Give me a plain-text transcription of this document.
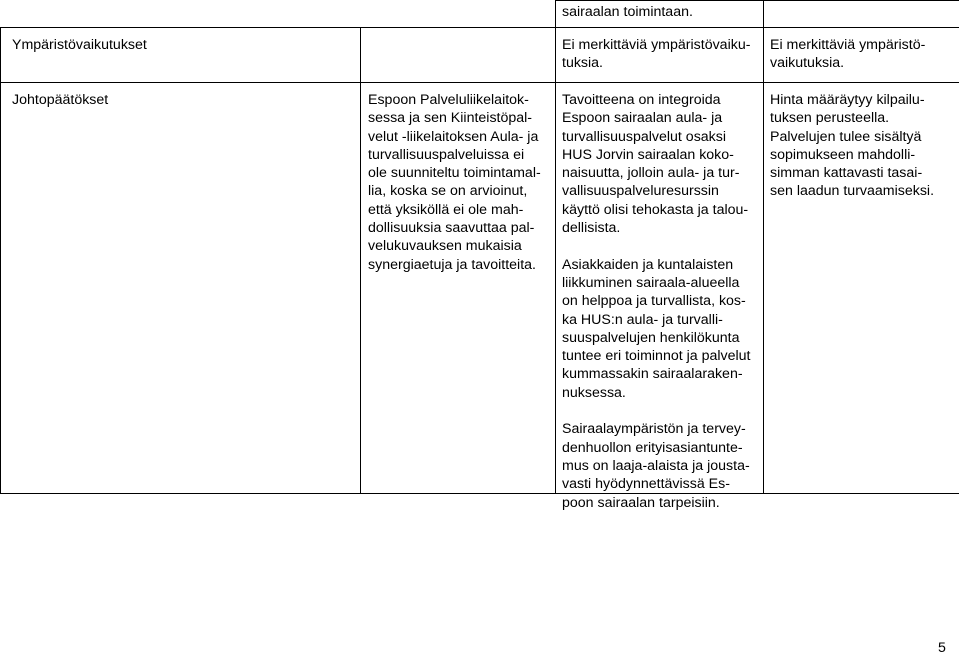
sairaalan toimintaan.
Ympäristövaikutukset	Ei merkittäviä ympäristövaiku-
tuksia.
Ei merkittäviä ympäristö-
vaikutuksia.
Johtopäätökset	Espoon Palveluliikelaitok-
sessa ja sen Kiinteistöpal-
velut -liikelaitoksen Aula- ja
turvallisuuspalveluissa ei
ole suunniteltu toimintamal-
lia, koska se on arvioinut,
että yksiköllä ei ole mah-
dollisuuksia saavuttaa pal-
velukuvauksen mukaisia
synergiaetuja ja tavoitteita.
Tavoitteena on integroida
Espoon sairaalan aula- ja
turvallisuuspalvelut osaksi
HUS Jorvin sairaalan koko-
naisuutta, jolloin aula- ja tur-
vallisuuspalveluresurssin
käyttö olisi tehokasta ja talou-
dellisista.
Asiakkaiden ja kuntalaisten
liikkuminen sairaala-alueella
on helppoa ja turvallista, kos-
ka HUS:n aula- ja turvalli-
suuspalvelujen henkilökunta
tuntee eri toiminnot ja palvelut
kummassakin sairaalaraken-
nuksessa.
Sairaalaympäristön ja tervey-
denhuollon erityisasiantunte-
mus on laaja-alaista ja jousta-
vasti hyödynnettävissä Es-
poon sairaalan tarpeisiin.
Hinta määräytyy kilpailu-
tuksen perusteella.
Palvelujen tulee sisältyä
sopimukseen mahdolli-
simman kattavasti tasai-
sen laadun turvaamiseksi.
5
